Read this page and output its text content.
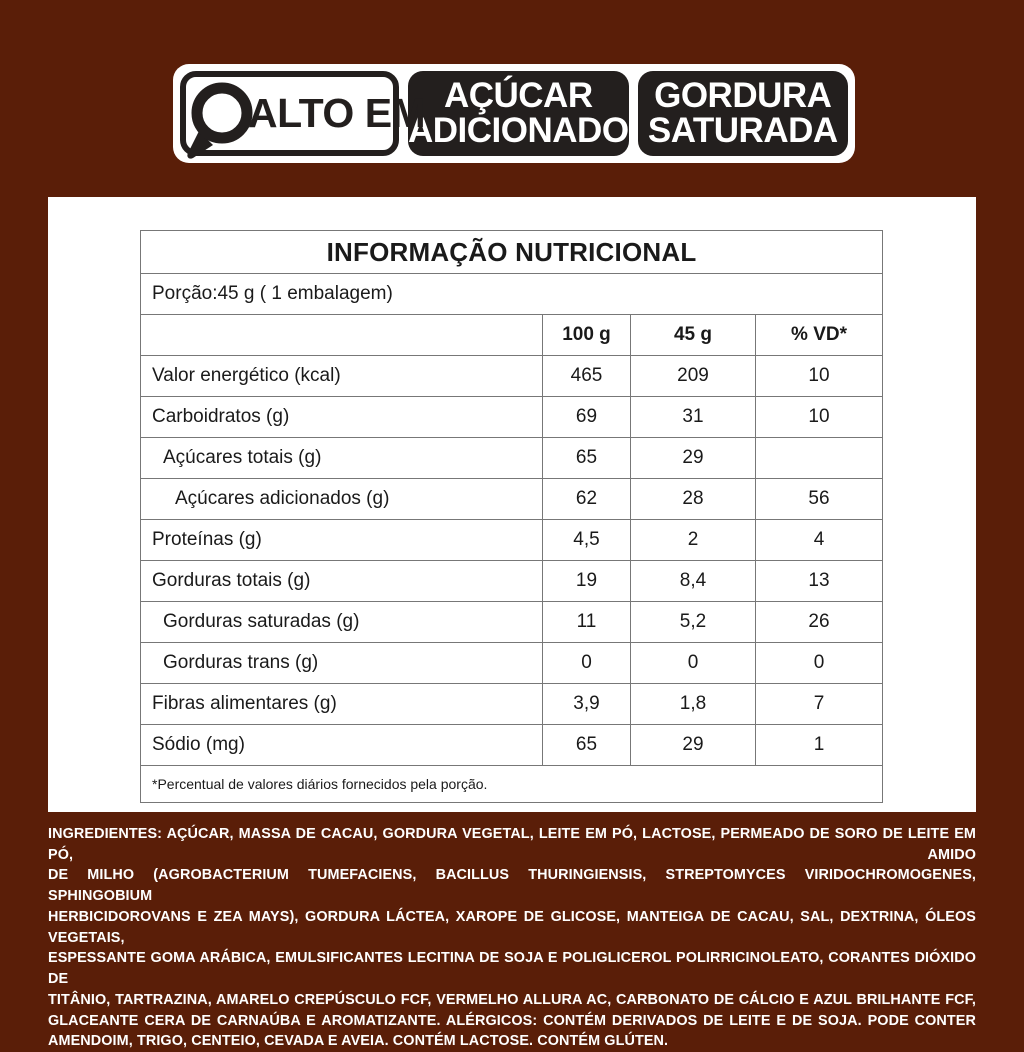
ALTO EM AÇÚCAR
ADICIONADO
GORDURA
SATURADA
INFORMAÇÃO NUTRICIONAL			
Porção:45 g ( 1 embalagem)			
	100 g	45 g	% VD*
Valor energético (kcal)	465	209	10
Carboidratos (g)	69	31	10
Açúcares totais (g)	65	29	
Açúcares adicionados (g)	62	28	56
Proteínas (g)	4,5	2	4
Gorduras totais (g)	19	8,4	13
Gorduras saturadas (g)	11	5,2	26
Gorduras trans (g)	0	0	0
Fibras alimentares (g)	3,9	1,8	7
Sódio (mg)	65	29	1
*Percentual de valores diários fornecidos pela porção.			
INGREDIENTES: AÇÚCAR, MASSA DE CACAU, GORDURA VEGETAL, LEITE EM PÓ, LACTOSE, PERMEADO DE SORO DE LEITE EM PÓ, AMIDO
DE MILHO (AGROBACTERIUM TUMEFACIENS, BACILLUS THURINGIENSIS, STREPTOMYCES VIRIDOCHROMOGENES, SPHINGOBIUM
HERBICIDOROVANS E ZEA MAYS), GORDURA LÁCTEA, XAROPE DE GLICOSE, MANTEIGA DE CACAU, SAL, DEXTRINA, ÓLEOS VEGETAIS,
ESPESSANTE GOMA ARÁBICA, EMULSIFICANTES LECITINA DE SOJA E POLIGLICEROL POLIRRICINOLEATO, CORANTES DIÓXIDO DE
TITÂNIO, TARTRAZINA, AMARELO CREPÚSCULO FCF, VERMELHO ALLURA AC, CARBONATO DE CÁLCIO E AZUL BRILHANTE FCF,
GLACEANTE CERA DE CARNAÚBA E AROMATIZANTE. ALÉRGICOS: CONTÉM DERIVADOS DE LEITE E DE SOJA. PODE CONTER
AMENDOIM, TRIGO, CENTEIO, CEVADA E AVEIA. CONTÉM LACTOSE. CONTÉM GLÚTEN.
